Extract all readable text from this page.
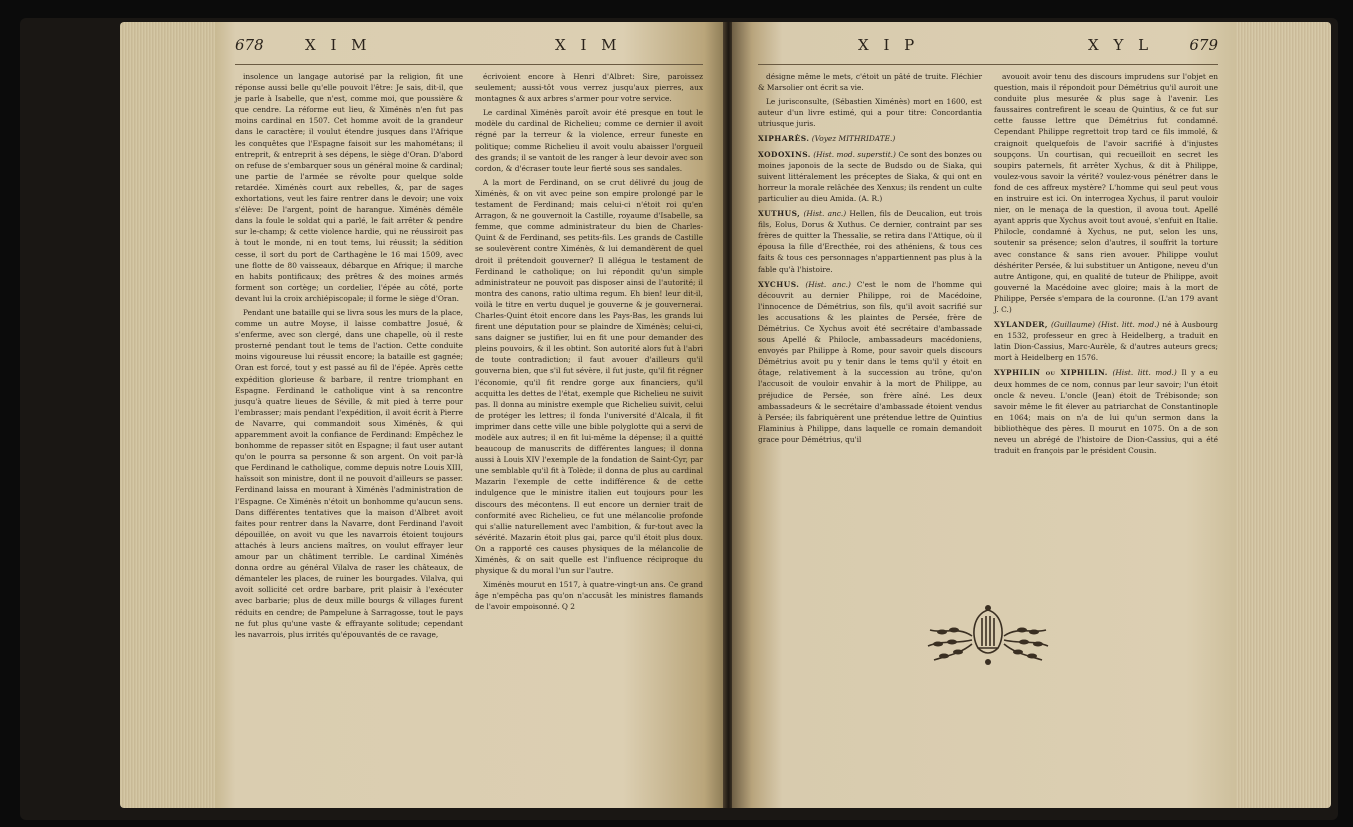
678	X I M	X I M

insolence un langage autorisé par la religion, fit une réponse aussi belle qu'elle pouvoit l'être: Je sais, dit-il, que je parle à Isabelle, que n'est, comme moi, que poussière & que cendre. La réforme eut lieu, & Ximénès n'en fut pas moins cardinal en 1507. Cet homme avoit de la grandeur dans le caractère; il voulut étendre jusques dans l'Afrique les conquêtes que l'Espagne faisoit sur les mahométans; il entreprit, & entreprit à ses dépens, le siège d'Oran. D'abord on refuse de s'embarquer sous un général moine & cardinal; une partie de l'armée se révolte pour quelque solde retardée. Ximénès court aux rebelles, &, par de sages exhortations, veut les faire rentrer dans le devoir; une voix s'élève: De l'argent, point de harangue. Ximénès démêle dans la foule le soldat qui a parlé, le fait arrêter & pendre sur le-champ; & cette violence hardie, qui ne réussiroit pas à tout le monde, ni en tout tems, lui réussit; la sédition cesse, il sort du port de Carthagène le 16 mai 1509, avec une flotte de 80 vaisseaux, débarque en Afrique; il marche en habits pontificaux; des prêtres & des moines armés forment son cortège; un cordelier, l'épée au côté, porte devant lui la croix archiépiscopale; il forme le siège d'Oran.

Pendant une bataille qui se livra sous les murs de la place, comme un autre Moyse, il laisse combattre Josué, & s'enferme, avec son clergé, dans une chapelle, où il reste prosterné pendant tout le tems de l'action. Cette conduite moins vigoureuse lui réussit encore; la bataille est gagnée; Oran est forcé, tout y est passé au fil de l'épée. Après cette expédition glorieuse & barbare, il rentre triomphant en Espagne. Ferdinand le catholique vint à sa rencontre jusqu'à quatre lieues de Séville, & mit pied à terre pour l'embrasser; mais pendant l'expédition, il avoit écrit à Pierre de Navarre, qui commandoit sous Ximénès, & qui apparemment avoit la confiance de Ferdinand: Empêchez le bonhomme de repasser sitôt en Espagne; il faut user autant qu'on le pourra sa personne & son argent. On voit par-là que Ferdinand le catholique, comme depuis notre Louis XIII, haïssoit son ministre, dont il ne pouvoit d'ailleurs se passer. Ferdinand laissa en mourant à Ximénès l'administration de l'Espagne. Ce Ximénès n'étoit un bonhomme qu'aucun sens. Dans différentes tentatives que la maison d'Albret avoit faites pour rentrer dans la Navarre, dont Ferdinand l'avoit dépouillée, on avoit vu que les navarrois étoient toujours attachés à leurs anciens maîtres, on voulut effrayer leur amour par un châtiment terrible. Le cardinal Ximénès donna ordre au général Vilalva de raser les châteaux, de démanteler les places, de ruiner les bourgades. Vilalva, qui avoit sollicité cet ordre barbare, prit plaisir à l'exécuter avec barbarie; plus de deux mille bourgs & villages furent réduits en cendre; de Pampelune à Sarragosse, tout le pays ne fut plus qu'une vaste & effrayante solitude; cependant les navarrois, plus irrités qu'épouvantés de ce ravage,

écrivoient encore à Henri d'Albret: Sire, paroissez seulement; aussi-tôt vous verrez jusqu'aux pierres, aux montagnes & aux arbres s'armer pour votre service.

Le cardinal Ximénès paroît avoir été presque en tout le modèle du cardinal de Richelieu; comme ce dernier il avoit régné par la terreur & la violence, erreur funeste en politique; comme Richelieu il avoit voulu abaisser l'orgueil des grands; il se vantoit de les ranger à leur devoir avec son cordon, & d'écraser toute leur fierté sous ses sandales.

A la mort de Ferdinand, on se crut délivré du joug de Ximénès, & on vit avec peine son empire prolongé par le testament de Ferdinand; mais celui-ci n'étoit roi qu'en Arragon, & ne gouvernoit la Castille, royaume d'Isabelle, sa femme, que comme administrateur du bien de Charles-Quint & de Ferdinand, ses petits-fils. Les grands de Castille se soulevèrent contre Ximénès, & lui demandèrent de quel droit il prétendoit gouverner? Il allégua le testament de Ferdinand le catholique; on lui répondit qu'un simple administrateur ne pouvoit pas disposer ainsi de l'autorité; il montra des canons, ratio ultima regum. Eh bien! leur dit-il, voilà le titre en vertu duquel je gouverne & je gouvernerai. Charles-Quint étoit encore dans les Pays-Bas, les grands lui firent une députation pour se plaindre de Ximénès; celui-ci, sans daigner se justifier, lui en fit une pour demander des pleins pouvoirs, & il les obtint. Son autorité alors fut à l'abri de toute contradiction; il faut avouer d'ailleurs qu'il gouverna bien, que s'il fut sévère, il fut juste, qu'il fit régner l'économie, qu'il fit rendre gorge aux financiers, qu'il acquitta les dettes de l'état, exemple que Richelieu ne suivit pas. Il donna au ministre exemple que Richelieu suivit, celui de protéger les lettres; il fonda l'université d'Alcala, il fit imprimer dans cette ville une bible polyglotte qui a servi de modèle aux autres; il en fit lui-même la dépense; il a quitté beaucoup de manuscrits de différentes langues; il donna aussi à Louis XIV l'exemple de la fondation de Saint-Cyr, par une semblable qu'il fit à Tolède; il donna de plus au cardinal Mazarin l'exemple de cette indifférence & de cette indulgence que le ministre italien eut toujours pour les discours des mécontens. Il eut encore un dernier trait de conformité avec Richelieu, ce fut une mélancolie profonde qui s'allie naturellement avec l'ambition, & fur-tout avec la sévérité. Mazarin étoit plus gai, parce qu'il étoit plus doux. On a rapporté ces causes physiques de la mélancolie de Ximénès, & on sait quelle est l'influence réciproque du physique & du moral l'un sur l'autre.

Ximénès mourut en 1517, à quatre-vingt-un ans. Ce grand âge n'empêcha pas qu'on n'accusât les ministres flamands de l'avoir empoisonné. Q 2

X I P	X Y L 679

désigne même le mets, c'étoit un pâté de truite. Fléchier & Marsolier ont écrit sa vie.

Le jurisconsulte, (Sébastien Ximénès) mort en 1600, est auteur d'un livre estimé, qui a pour titre: Concordantia utriusque juris.

XIPHARÈS. (Voyez MITHRIDATE.)

XODOXINS. (Hist. mod. superstit.) Ce sont des bonzes ou moines japonois de la secte de Budsdo ou de Siaka, qui suivent littéralement les préceptes de Siaka, & qui ont en horreur la morale relâchée des Xenxus; ils rendent un culte particulier au dieu Amida. (A. R.)

XUTHUS, (Hist. anc.) Hellen, fils de Deucalion, eut trois fils, Eolus, Dorus & Xuthus. Ce dernier, contraint par ses frères de quitter la Thessalie, se retira dans l'Attique, où il épousa la fille d'Erecthée, roi des athéniens, & tous ces faits & tous ces personnages n'appartiennent pas plus à la fable qu'à l'histoire.

XYCHUS. (Hist. anc.) C'est le nom de l'homme qui découvrit au dernier Philippe, roi de Macédoine, l'innocence de Démétrius, son fils, qu'il avoit sacrifié sur les accusations & les plaintes de Persée, frère de Démétrius. Ce Xychus avoit été secrétaire d'ambassade sous Apellé & Philocle, ambassadeurs macédoniens, envoyés par Philippe à Rome, pour savoir quels discours Démétrius avoit pu y tenir dans le tems qu'il y étoit en ôtage, relativement à la succession au trône, qu'on l'accusoit de vouloir envahir à la mort de Philippe, au préjudice de Persée, son frère aîné. Les deux ambassadeurs & le secrétaire d'ambassade étoient vendus à Persée; ils fabriquèrent une prétendue lettre de Quintius Flaminius à Philippe, dans laquelle ce romain demandoit grace pour Démétrius, qu'il

avouoit avoir tenu des discours imprudens sur l'objet en question, mais il répondoit pour Démétrius qu'il auroit une conduite plus mesurée & plus sage à l'avenir. Les faussaires contrefirent le sceau de Quintius, & ce fut sur cette fausse lettre que Démétrius fut condamné. Cependant Philippe regrettoit trop tard ce fils immolé, & craignoit quelquefois de l'avoir sacrifié à d'injustes soupçons. Un courtisan, qui recueilloit en secret les soupirs paternels, fit arrêter Xychus, & dit à Philippe, voulez-vous savoir la vérité? voulez-vous pénétrer dans le fond de ces affreux mystère? L'homme qui seul peut vous en instruire est ici. On interrogea Xychus, il parut vouloir nier, on le menaça de la question, il avoua tout. Apellé ayant appris que Xychus avoit tout avoué, s'enfuit en Italie. Philocle, condamné à Xychus, ne put, selon les uns, soutenir sa présence; selon d'autres, il souffrit la torture avec constance & sans rien avouer. Philippe voulut déshériter Persée, & lui substituer un Antigone, neveu d'un autre Antigone, qui, en qualité de tuteur de Philippe, avoit gouverné la Macédoine avec gloire; mais à la mort de Philippe, Persée s'empara de la couronne. (L'an 179 avant J. C.)

XYLANDER, (Guillaume) (Hist. litt. mod.) né à Ausbourg en 1532, professeur en grec à Heidelberg, a traduit en latin Dion-Cassius, Marc-Aurèle, & d'autres auteurs grecs; mort à Heidelberg en 1576.

XYPHILIN ou XIPHILIN. (Hist. litt. mod.) Il y a eu deux hommes de ce nom, connus par leur savoir; l'un étoit oncle & neveu. L'oncle (Jean) étoit de Trébisonde; son savoir même le fit élever au patriarchat de Constantinople en 1064; mais on n'a de lui qu'un sermon dans la bibliothèque des pères. Il mourut en 1075. On a de son neveu un abrégé de l'histoire de Dion-Cassius, qui a été traduit en françois par le président Cousin.
